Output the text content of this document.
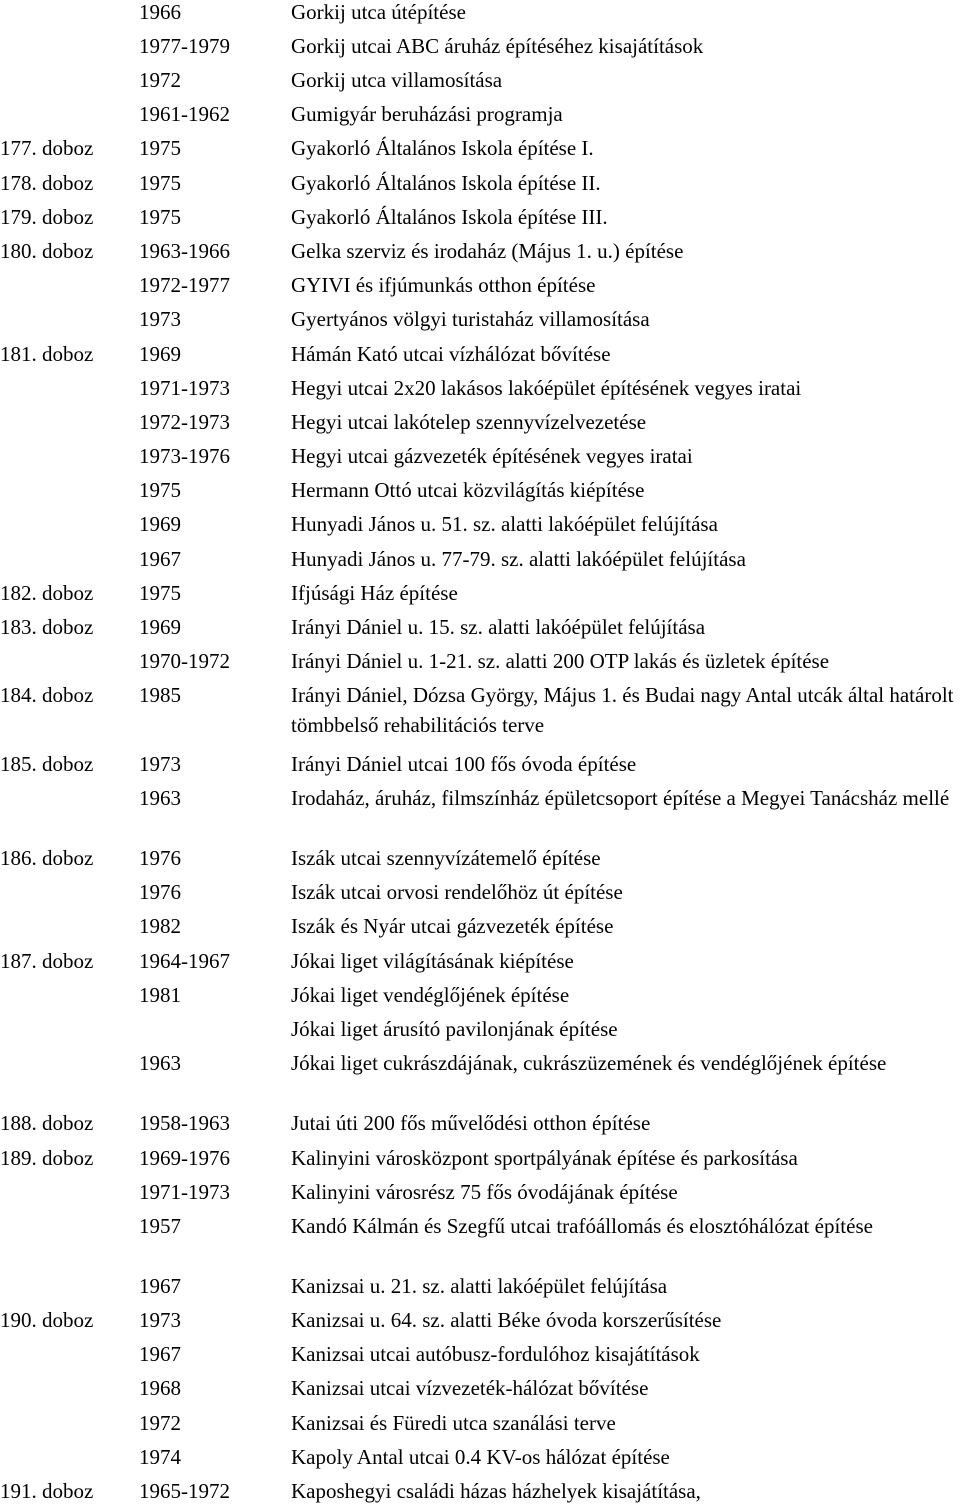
1966	Gorkij utca útépítése
1977-1979	Gorkij utcai ABC áruház építéséhez kisajátítások
1972	Gorkij utca villamosítása
1961-1962	Gumigyár beruházási programja
177. doboz 1975	Gyakorló Általános Iskola építése I.
178. doboz 1975	Gyakorló Általános Iskola építése II.
179. doboz 1975	Gyakorló Általános Iskola építése III.
180. doboz 1963-1966	Gelka szerviz és irodaház (Május 1. u.) építése
1972-1977	GYIVI és ifjúmunkás otthon építése
1973	Gyertyános völgyi turistaház villamosítása
181. doboz 1969	Hámán Kató utcai vízhálózat bővítése
1971-1973	Hegyi utcai 2x20 lakásos lakóépület építésének vegyes iratai
1972-1973	Hegyi utcai lakótelep szennyvízelvezetése
1973-1976	Hegyi utcai gázvezeték építésének vegyes iratai
1975	Hermann Ottó utcai közvilágítás kiépítése
1969	Hunyadi János u. 51. sz. alatti lakóépület felújítása
1967	Hunyadi János u. 77-79. sz. alatti lakóépület felújítása
182. doboz 1975	Ifjúsági Ház építése
183. doboz 1969	Irányi Dániel u. 15. sz. alatti lakóépület felújítása
1970-1972	Irányi Dániel u. 1-21. sz. alatti 200 OTP lakás és üzletek építése
184. doboz 1985	Irányi Dániel, Dózsa György, Május 1. és Budai nagy Antal utcák által határolt tömbbelső rehabilitációs terve
185. doboz 1973	Irányi Dániel utcai 100 fős óvoda építése
1963	Irodaház, áruház, filmszínház épületcsoport építése a Megyei Tanácsház mellé
186. doboz 1976	Iszák utcai szennyvízátemelő építése
1976	Iszák utcai orvosi rendelőhöz út építése
1982	Iszák és Nyár utcai gázvezeték építése
187. doboz 1964-1967	Jókai liget világításának kiépítése
1981	Jókai liget vendéglőjének építése
Jókai liget árusító pavilonjának építése
1963	Jókai liget cukrászdájának, cukrászüzemének és vendéglőjének építése
188. doboz 1958-1963	Jutai úti 200 fős művelődési otthon építése
189. doboz 1969-1976	Kalinyini városközpont sportpályának építése és parkosítása
1971-1973	Kalinyini városrész 75 fős óvodájának építése
1957	Kandó Kálmán és Szegfű utcai trafóállomás és elosztóhálózat építése
1967	Kanizsai u. 21. sz. alatti lakóépület felújítása
190. doboz 1973	Kanizsai u. 64. sz. alatti Béke óvoda korszerűsítése
1967	Kanizsai utcai autóbusz-fordulóhoz kisajátítások
1968	Kanizsai utcai vízvezeték-hálózat bővítése
1972	Kanizsai és Füredi utca szanálási terve
1974	Kapoly Antal utcai 0.4 KV-os hálózat építése
191. doboz 1965-1972	Kaposhegyi családi házas házhelyek kisajátítása,
